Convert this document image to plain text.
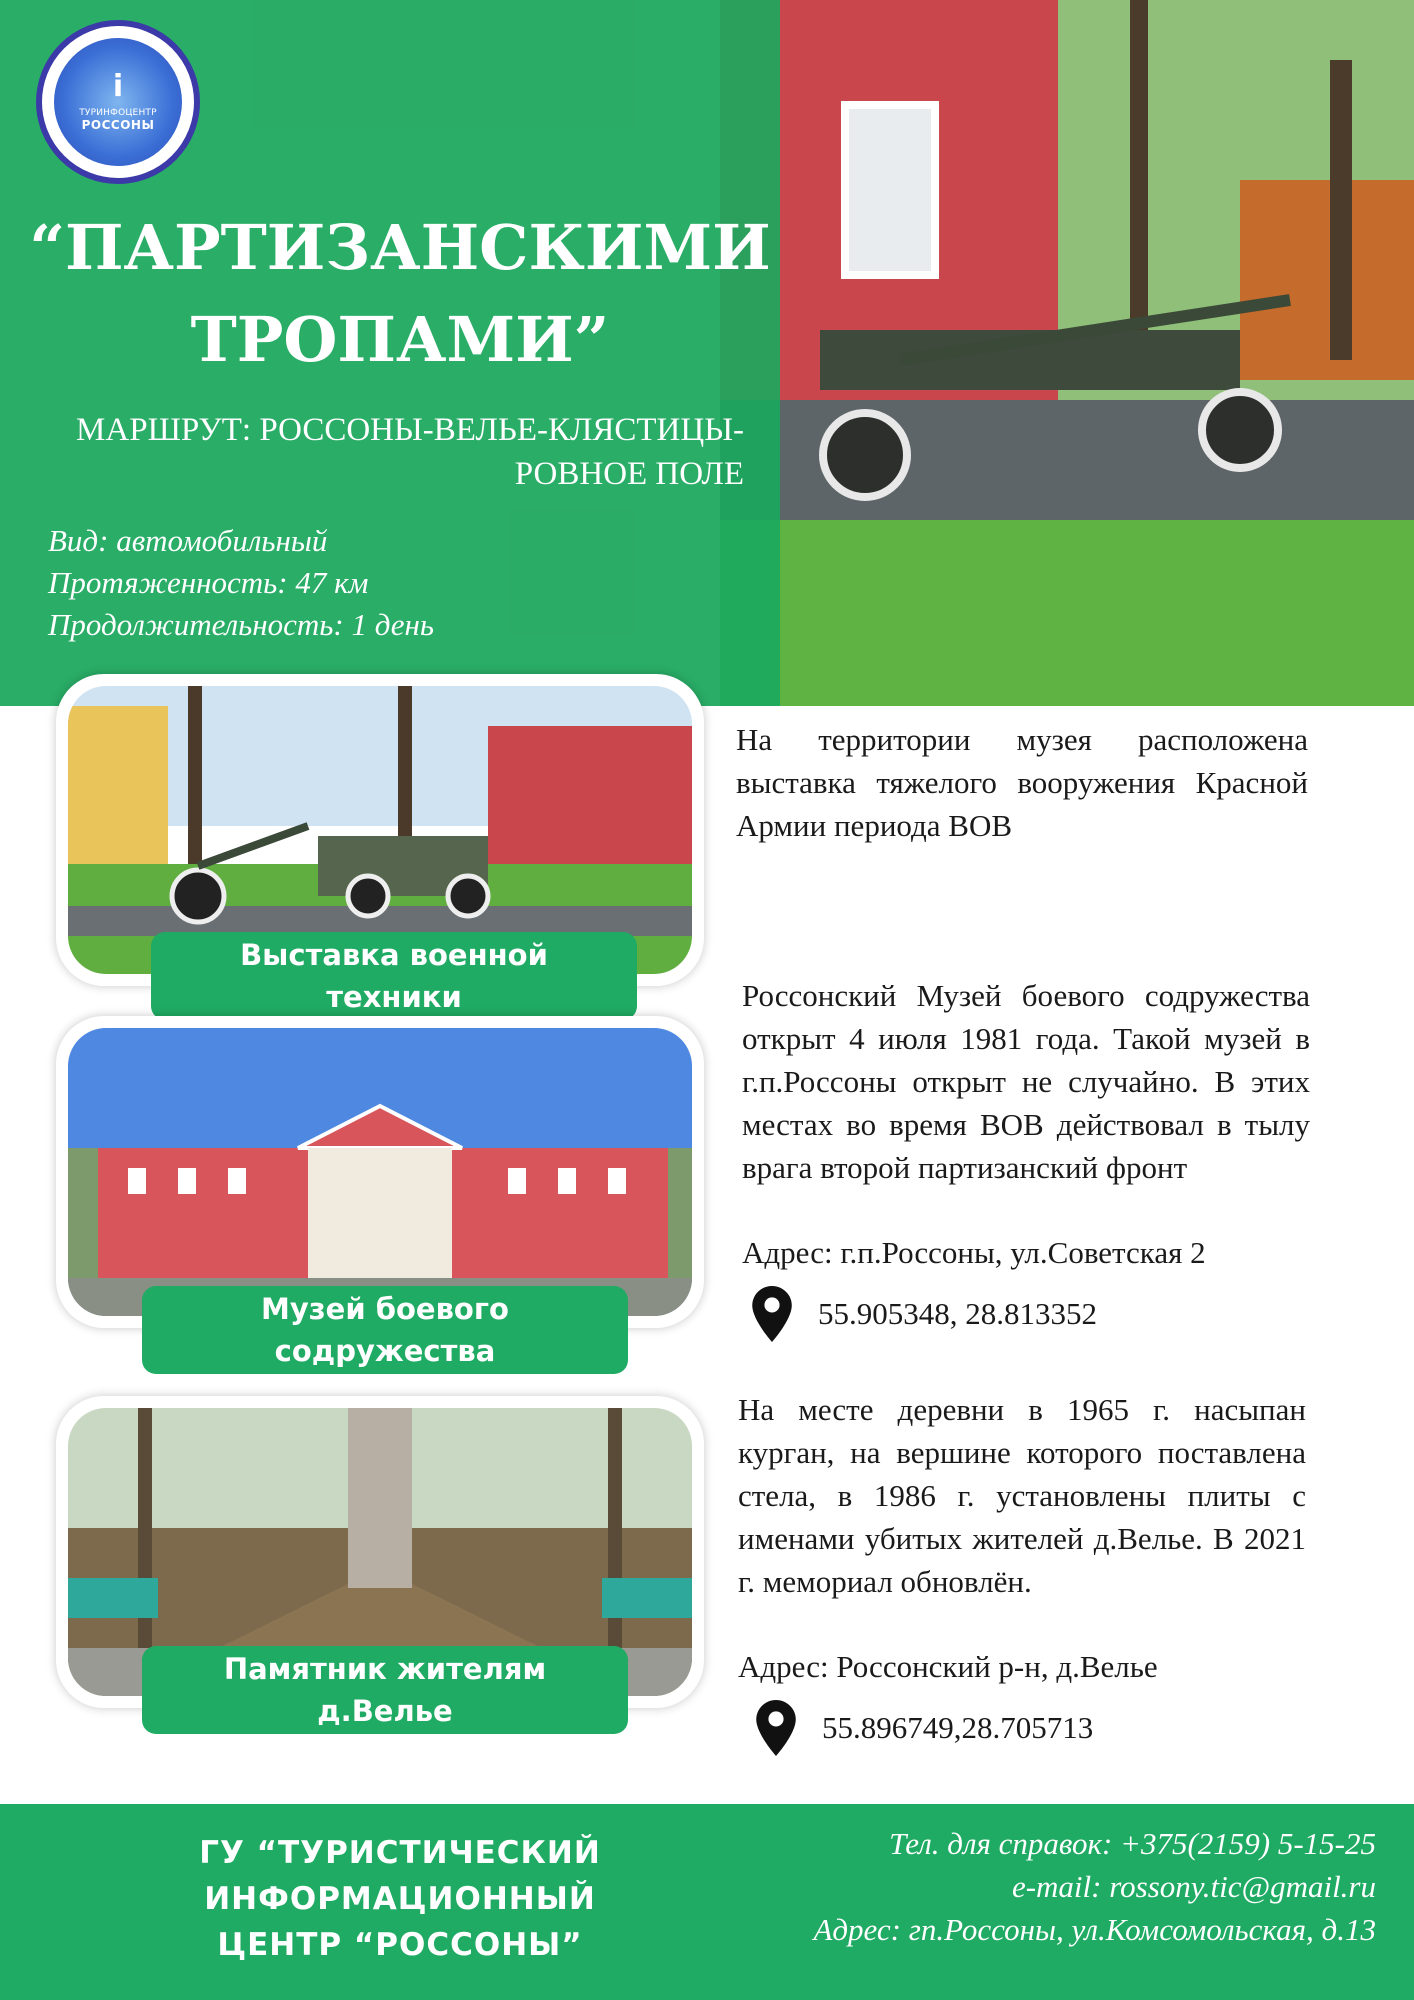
i
ТУРИНФОЦЕНТР
РОССОНЫ
“ПАРТИЗАНСКИМИ
ТРОПАМИ”
МАРШРУТ: РОССОНЫ-ВЕЛЬЕ-КЛЯСТИЦЫ-
РОВНОЕ ПОЛЕ
Вид: автомобильный
Протяженность: 47 км
Продолжительность: 1 день
Выставка военной
техники

На территории музея расположена выставка тяжелого вооружения Красной Армии периода ВОВ

Музей боевого
содружества

Россонский Музей боевого содружества открыт 4 июля 1981 года. Такой музей в г.п.Россоны открыт не случайно. В этих местах во время ВОВ действовал в тылу врага второй партизанский фронт

Адрес: г.п.Россоны, ул.Советская 2
55.905348, 28.813352
Памятник жителям
д.Велье

На месте деревни в 1965 г. насыпан курган, на вершине которого поставлена стела, в 1986 г. установлены плиты с именами убитых жителей д.Велье. В 2021 г. мемориал обновлён.

Адрес: Россонский р-н, д.Велье
55.896749,28.705713
ГУ “ТУРИСТИЧЕСКИЙ ИНФОРМАЦИОННЫЙ
ЦЕНТР “РОССОНЫ”
Тел. для справок: +375(2159) 5-15-25
e-mail: rossony.tic@gmail.ru
Адрес: гп.Россоны, ул.Комсомольская, д.13
